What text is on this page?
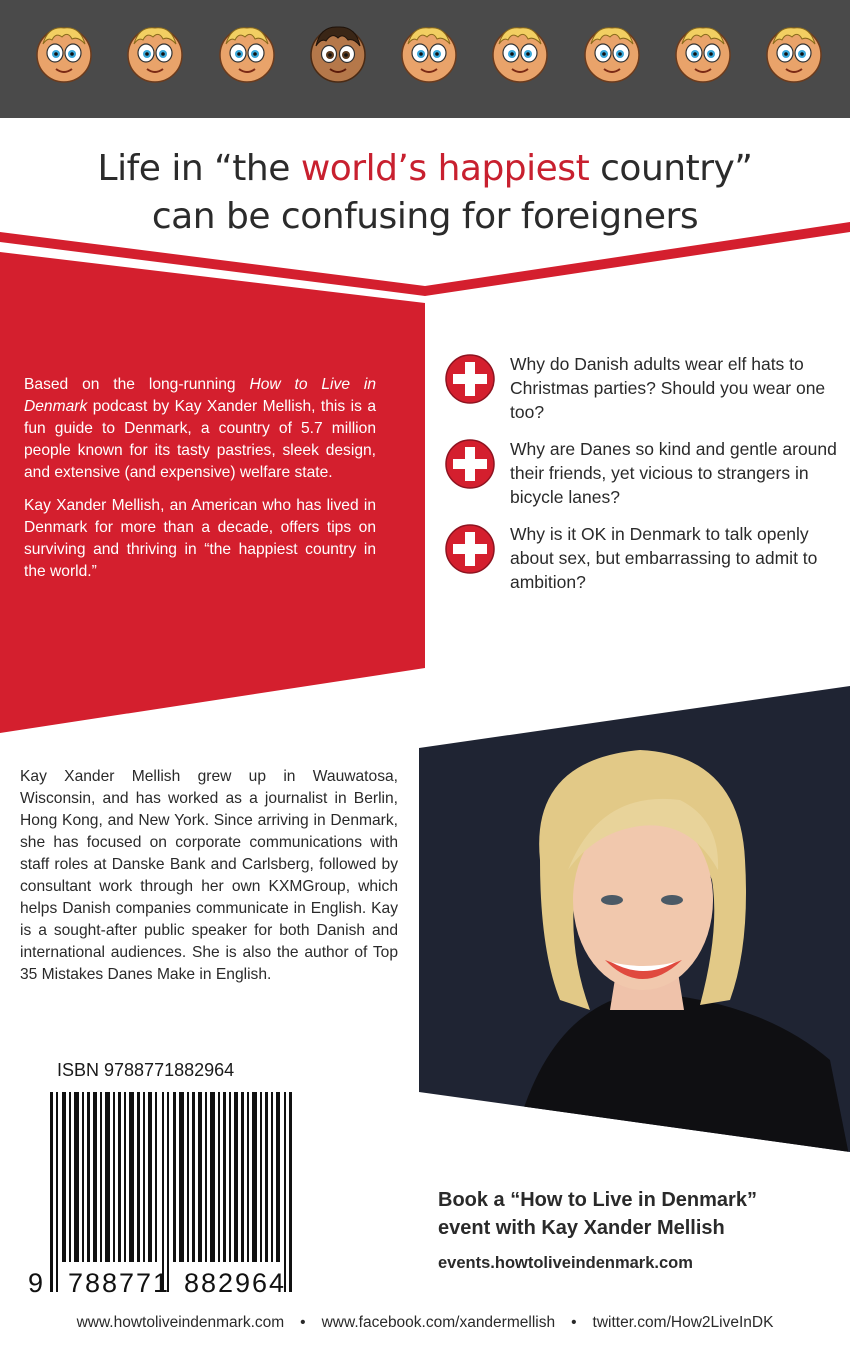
Life in “the world’s happiest country”
can be confusing for foreigners

Based on the long-running How to Live in Denmark podcast by Kay Xander Mellish, this is a fun guide to Denmark, a country of 5.7 million people known for its tasty pastries, sleek design, and extensive (and expensive) welfare state.

Kay Xander Mellish, an American who has lived in Denmark for more than a decade, offers tips on surviving and thriving in “the happiest country in the world.”

Why do Danish adults wear elf hats to Christmas parties? Should you wear one too?
Why are Danes so kind and gentle around their friends, yet vicious to strangers in bicycle lanes?
Why is it OK in Denmark to talk openly about sex, but embarrassing to admit to ambition?
Kay Xander Mellish grew up in Wauwatosa, Wisconsin, and has worked as a journalist in Berlin, Hong Kong, and New York. Since arriving in Denmark, she has focused on corporate communications with staff roles at Danske Bank and Carlsberg, followed by consultant work through her own KXMGroup, which helps Danish companies communicate in English. Kay is a sought-after public speaker for both Danish and international audiences. She is also the author of Top 35 Mistakes Danes Make in English.
ISBN 9788771882964
9 7 8 8 7 7 1 8 8 2 9 6 4
Book a “How to Live in Denmark”
event with Kay Xander Mellish
events.howtoliveindenmark.com
www.howtoliveindenmark.com • www.facebook.com/xandermellish • twitter.com/How2LiveInDK
